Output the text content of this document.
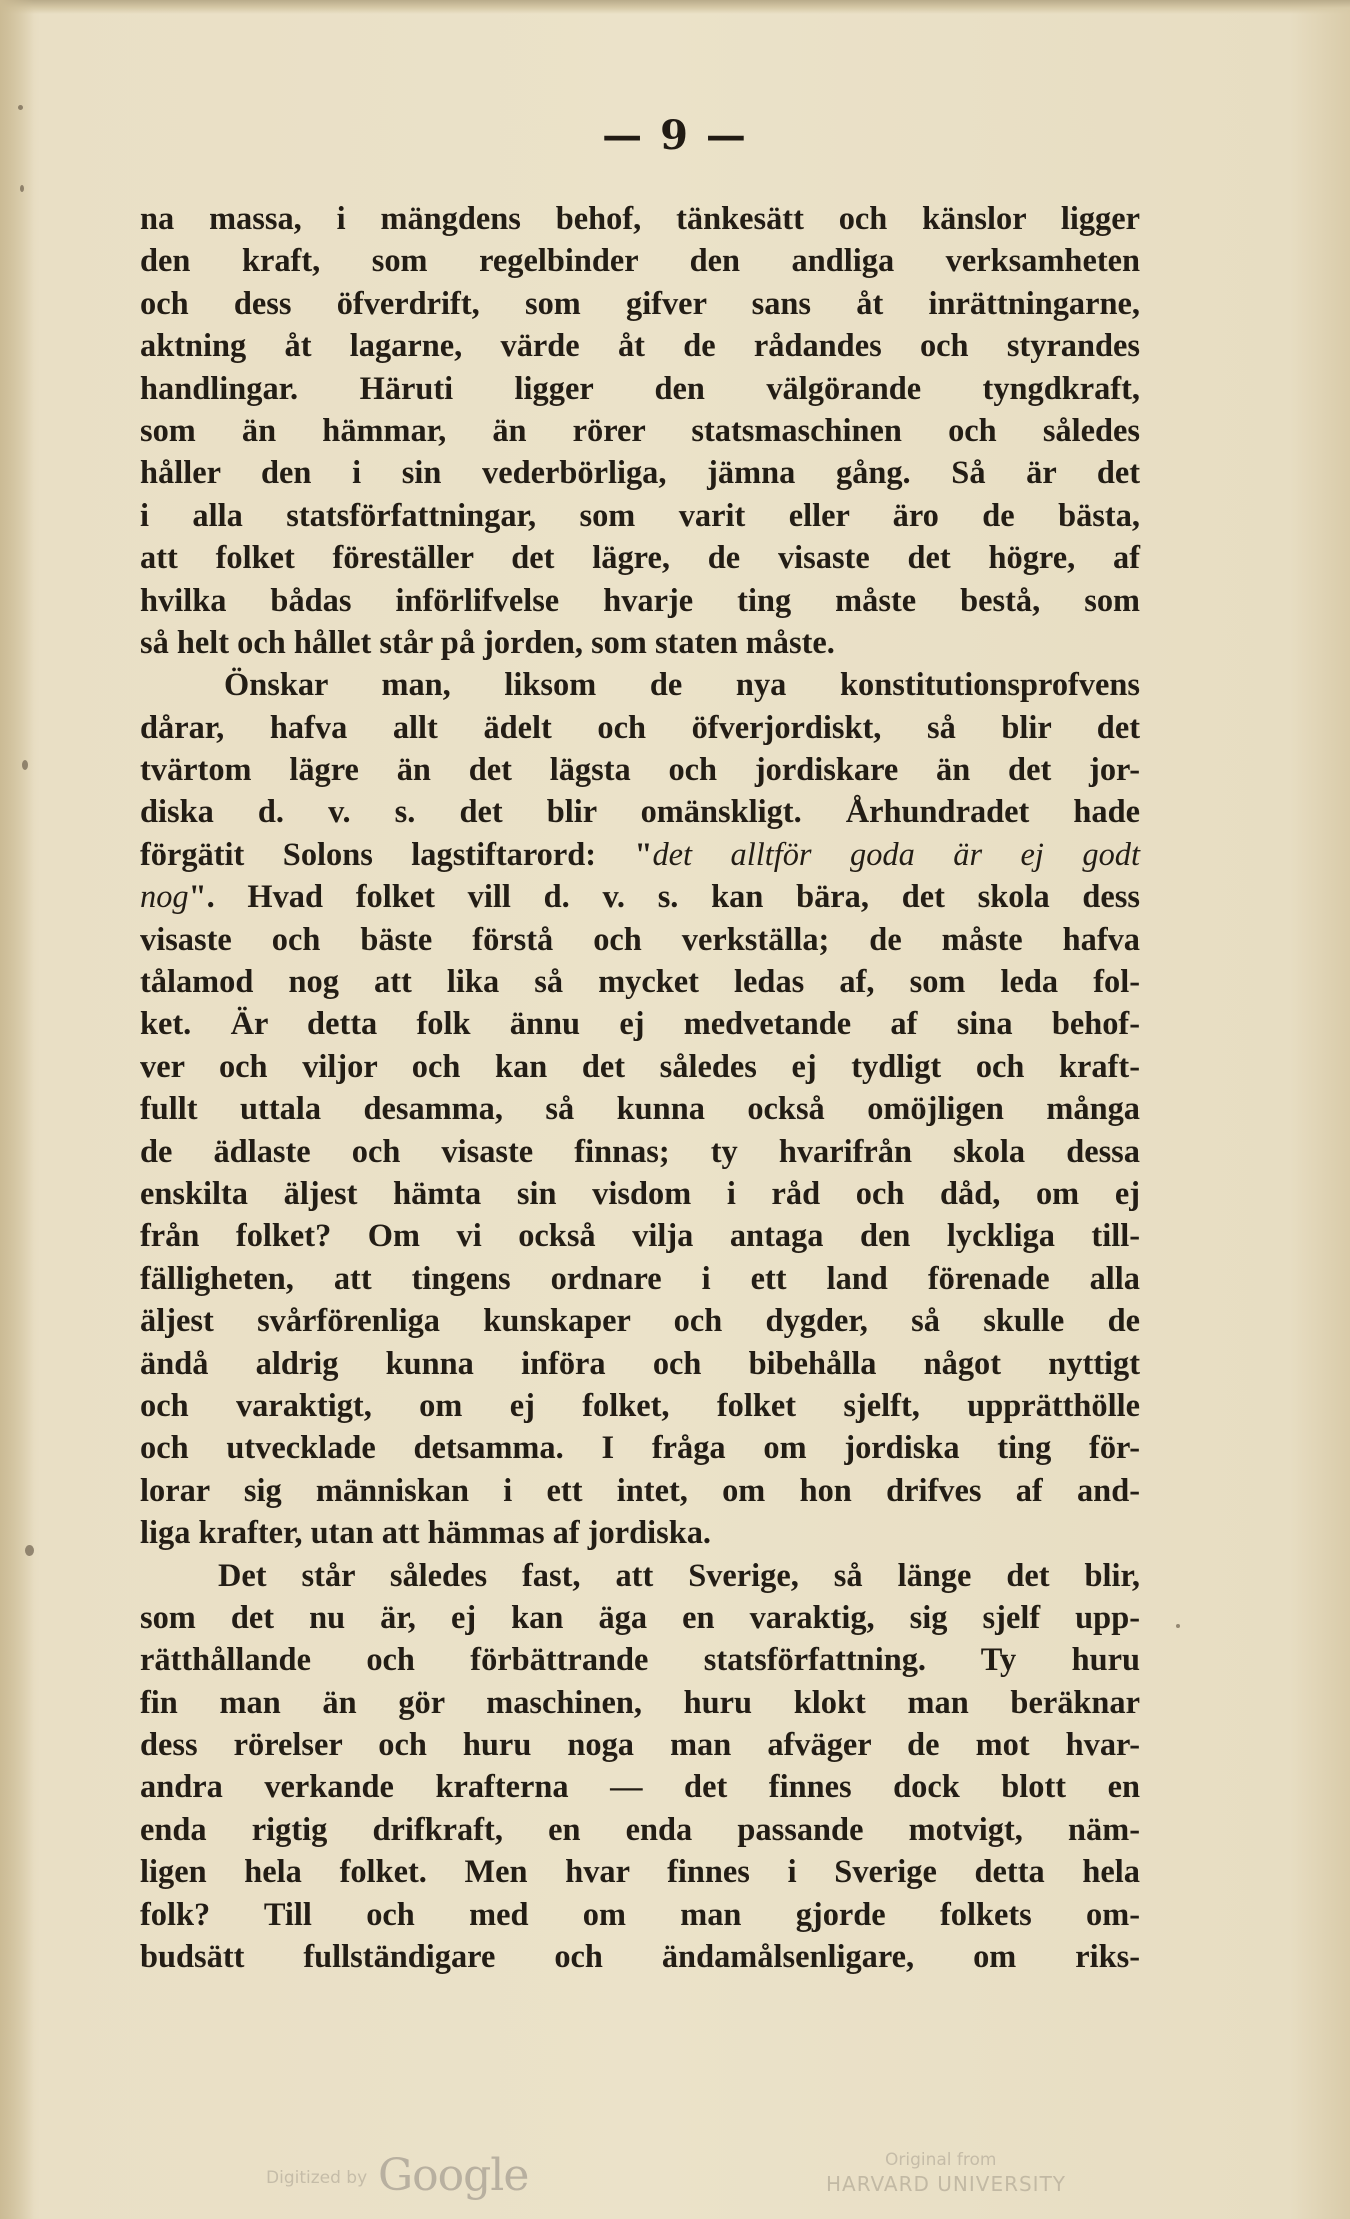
— 9 —
na massa, i mängdens behof, tänkesätt och känslor ligger
den kraft, som regelbinder den andliga verksamheten
och dess öfverdrift, som gifver sans åt inrättningarne,
aktning åt lagarne, värde åt de rådandes och styrandes
handlingar. Häruti ligger den välgörande tyngdkraft,
som än hämmar, än rörer statsmaschinen och således
håller den i sin vederbörliga, jämna gång. Så är det
i alla statsförfattningar, som varit eller äro de bästa,
att folket föreställer det lägre, de visaste det högre, af
hvilka bådas införlifvelse hvarje ting måste bestå, som
så helt och hållet står på jorden, som staten måste.
Önskar man, liksom de nya konstitutionsprofvens
dårar, hafva allt ädelt och öfverjordiskt, så blir det
tvärtom lägre än det lägsta och jordiskare än det jor-
diska d. v. s. det blir omänskligt. Århundradet hade
förgätit Solons lagstiftarord: "det alltför goda är ej godt
nog". Hvad folket vill d. v. s. kan bära, det skola dess
visaste och bäste förstå och verkställa; de måste hafva
tålamod nog att lika så mycket ledas af, som leda fol-
ket. Är detta folk ännu ej medvetande af sina behof-
ver och viljor och kan det således ej tydligt och kraft-
fullt uttala desamma, så kunna också omöjligen många
de ädlaste och visaste finnas; ty hvarifrån skola dessa
enskilta äljest hämta sin visdom i råd och dåd, om ej
från folket? Om vi också vilja antaga den lyckliga till-
fälligheten, att tingens ordnare i ett land förenade alla
äljest svårförenliga kunskaper och dygder, så skulle de
ändå aldrig kunna införa och bibehålla något nyttigt
och varaktigt, om ej folket, folket sjelft, upprätthölle
och utvecklade detsamma. I fråga om jordiska ting för-
lorar sig människan i ett intet, om hon drifves af and-
liga krafter, utan att hämmas af jordiska.
Det står således fast, att Sverige, så länge det blir,
som det nu är, ej kan äga en varaktig, sig sjelf upp-
rätthållande och förbättrande statsförfattning. Ty huru
fin man än gör maschinen, huru klokt man beräknar
dess rörelser och huru noga man afväger de mot hvar-
andra verkande krafterna — det finnes dock blott en
enda rigtig drifkraft, en enda passande motvigt, näm-
ligen hela folket. Men hvar finnes i Sverige detta hela
folk? Till och med om man gjorde folkets om-
budsätt fullständigare och ändamålsenligare, om riks-
Digitized by Google	Original from
HARVARD UNIVERSITY
